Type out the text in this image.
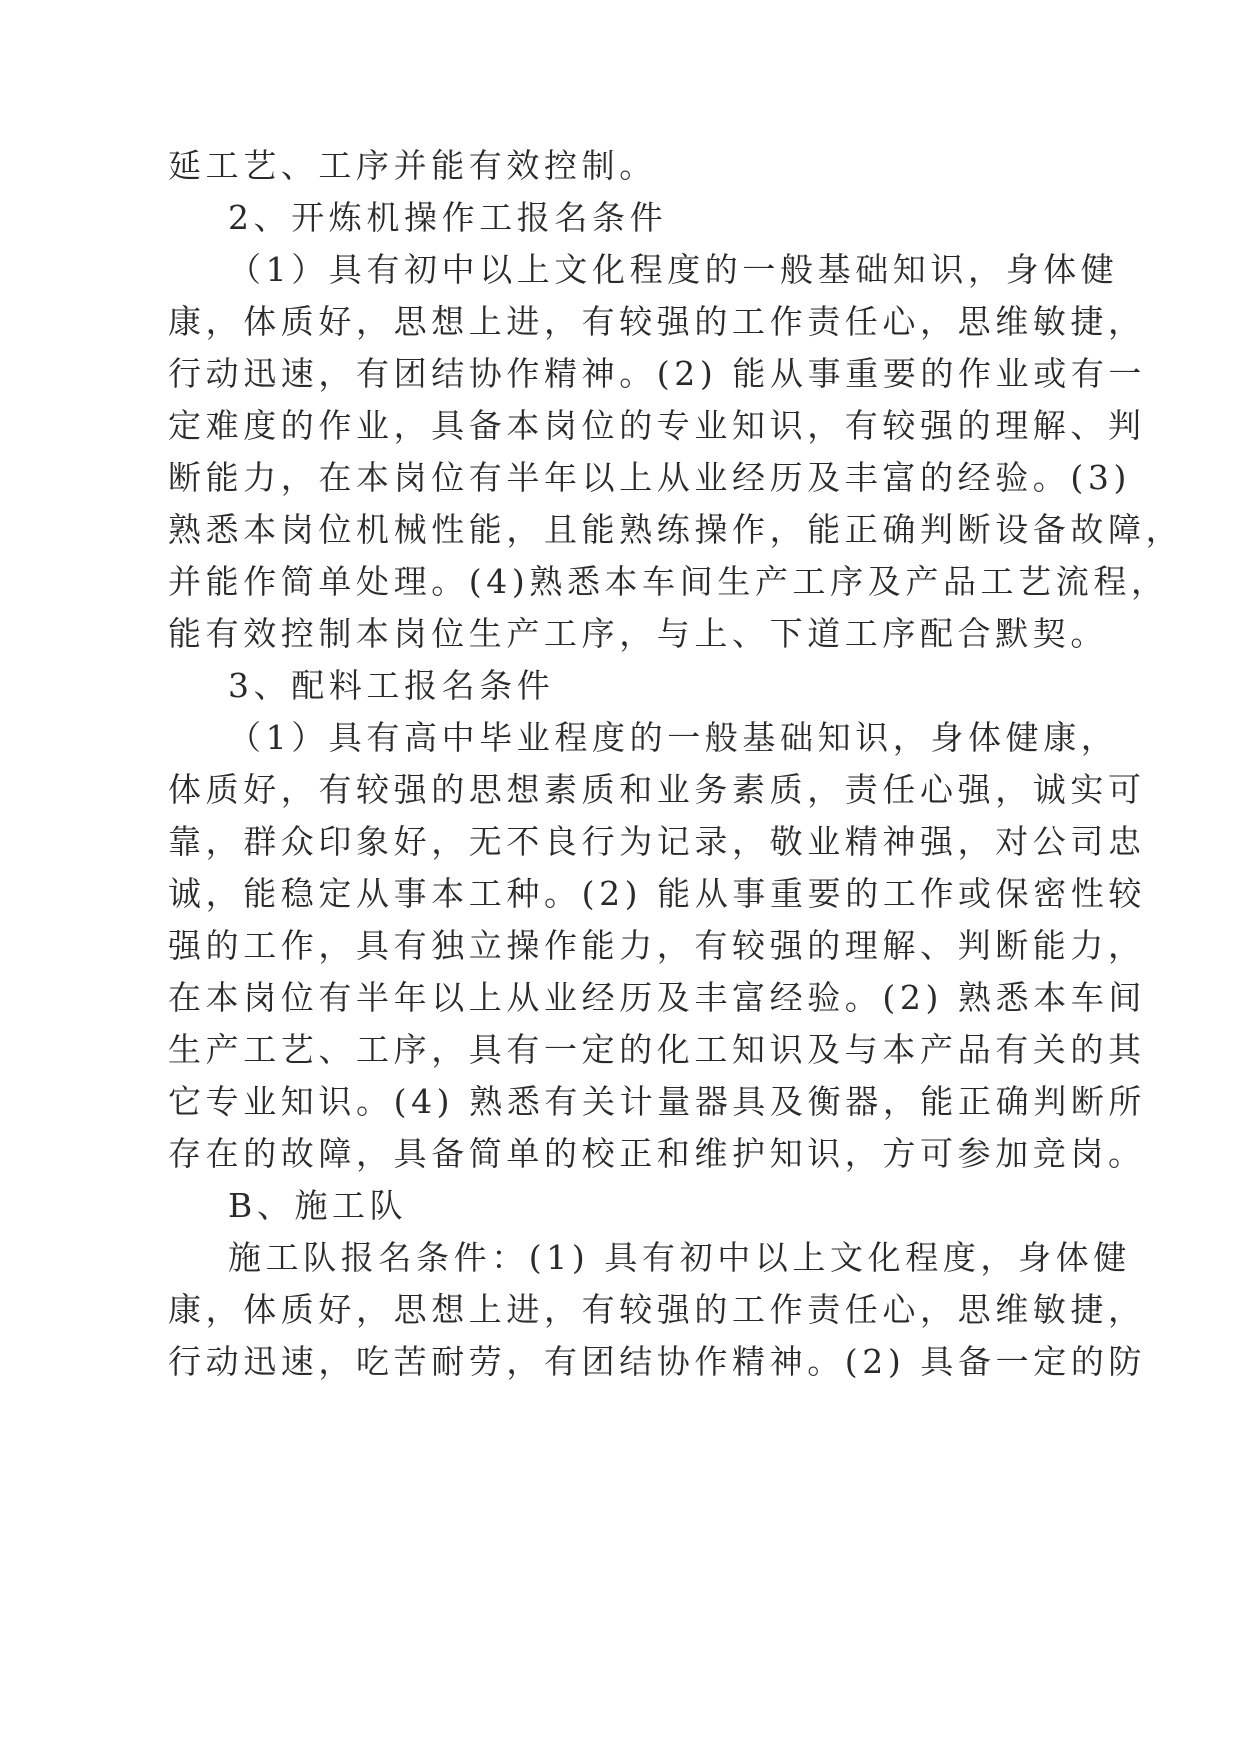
延工艺、工序并能有效控制。

2、开炼机操作工报名条件

（1）具有初中以上文化程度的一般基础知识，身体健

康，体质好，思想上进，有较强的工作责任心，思维敏捷，

行动迅速，有团结协作精神。(2) 能从事重要的作业或有一

定难度的作业，具备本岗位的专业知识，有较强的理解、判

断能力，在本岗位有半年以上从业经历及丰富的经验。(3)

熟悉本岗位机械性能，且能熟练操作，能正确判断设备故障，

并能作简单处理。(4)熟悉本车间生产工序及产品工艺流程，

能有效控制本岗位生产工序，与上、下道工序配合默契。

3、配料工报名条件

（1）具有高中毕业程度的一般基础知识，身体健康，

体质好，有较强的思想素质和业务素质，责任心强，诚实可

靠，群众印象好，无不良行为记录，敬业精神强，对公司忠

诚，能稳定从事本工种。(2) 能从事重要的工作或保密性较

强的工作，具有独立操作能力，有较强的理解、判断能力，

在本岗位有半年以上从业经历及丰富经验。(2) 熟悉本车间

生产工艺、工序，具有一定的化工知识及与本产品有关的其

它专业知识。(4) 熟悉有关计量器具及衡器，能正确判断所

存在的故障，具备简单的校正和维护知识，方可参加竞岗。

B、施工队

施工队报名条件：(1) 具有初中以上文化程度，身体健

康，体质好，思想上进，有较强的工作责任心，思维敏捷，

行动迅速，吃苦耐劳，有团结协作精神。(2) 具备一定的防
